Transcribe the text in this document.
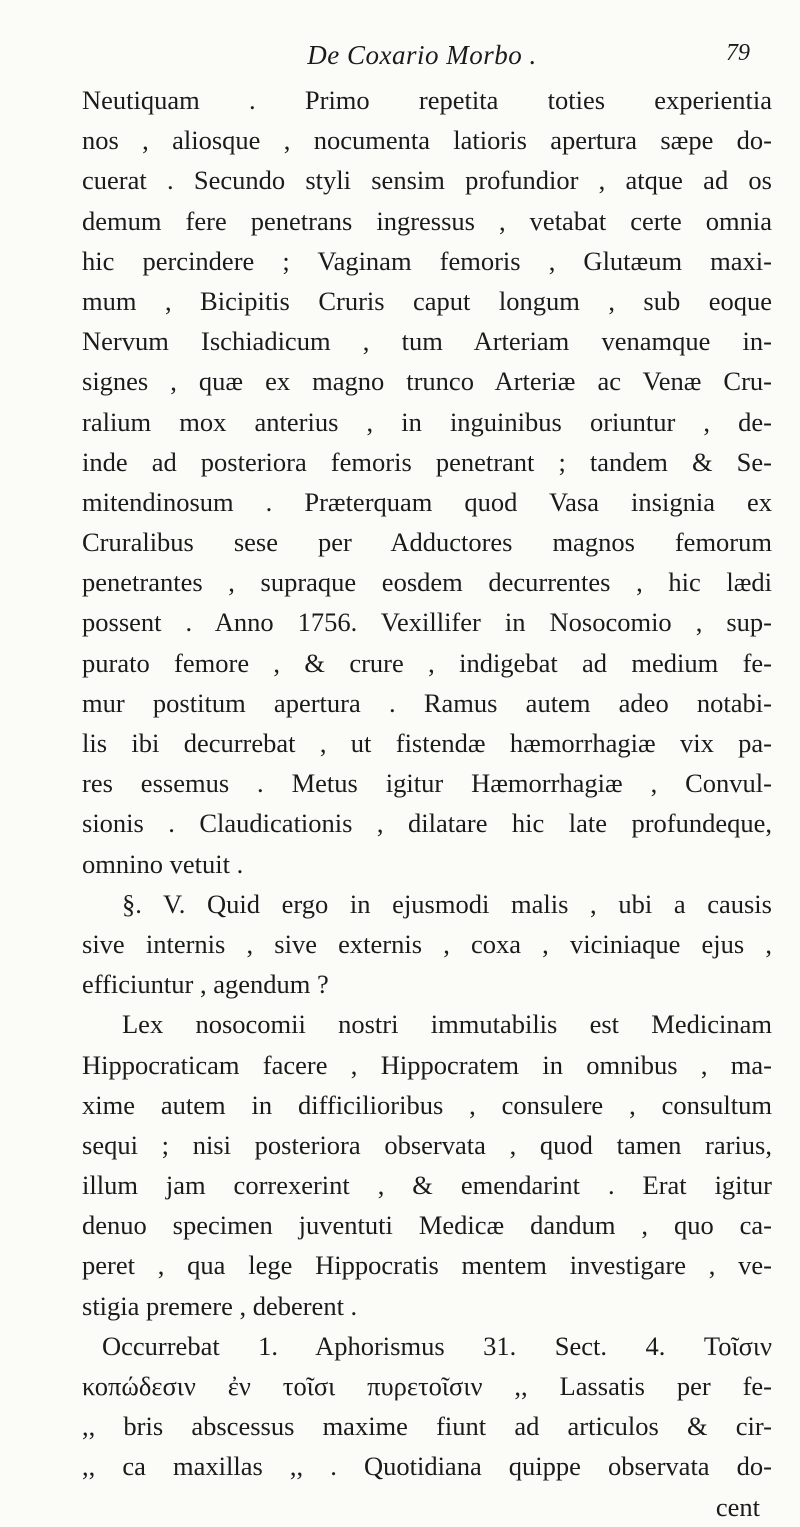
De Coxario Morbo .	79
Neutiquam . Primo repetita toties experientia
nos , aliosque , nocumenta latioris apertura sæpe do-
cuerat . Secundo styli sensim profundior , atque ad os
demum fere penetrans ingressus , vetabat certe omnia
hic percindere ; Vaginam femoris , Glutæum maxi-
mum , Bicipitis Cruris caput longum , sub eoque
Nervum Ischiadicum , tum Arteriam venamque in-
signes , quæ ex magno trunco Arteriæ ac Venæ Cru-
ralium mox anterius , in inguinibus oriuntur , de-
inde ad posteriora femoris penetrant ; tandem & Se-
mitendinosum . Præterquam quod Vasa insignia ex
Cruralibus sese per Adductores magnos femorum
penetrantes , supraque eosdem decurrentes , hic lædi
possent . Anno 1756. Vexillifer in Nosocomio , sup-
purato femore , & crure , indigebat ad medium fe-
mur postitum apertura . Ramus autem adeo notabi-
lis ibi decurrebat , ut fistendæ hæmorrhagiæ vix pa-
res essemus . Metus igitur Hæmorrhagiæ , Convul-
sionis . Claudicationis , dilatare hic late profundeque,
omnino vetuit .
§. V. Quid ergo in ejusmodi malis , ubi a causis
sive internis , sive externis , coxa , viciniaque ejus ,
efficiuntur , agendum ?
Lex nosocomii nostri immutabilis est Medicinam
Hippocraticam facere , Hippocratem in omnibus , ma-
xime autem in difficilioribus , consulere , consultum
sequi ; nisi posteriora observata , quod tamen rarius,
illum jam correxerint , & emendarint . Erat igitur
denuo specimen juventuti Medicæ dandum , quo ca-
peret , qua lege Hippocratis mentem investigare , ve-
stigia premere , deberent .
Occurrebat 1. Aphorismus 31. Sect. 4. Τοῖσιν
κοπώδεσιν ἐν τοῖσι πυρετοῖσιν ,, Lassatis per fe-
,, bris abscessus maxime fiunt ad articulos & cir-
,, ca maxillas ,, . Quotidiana quippe observata do-
cent
